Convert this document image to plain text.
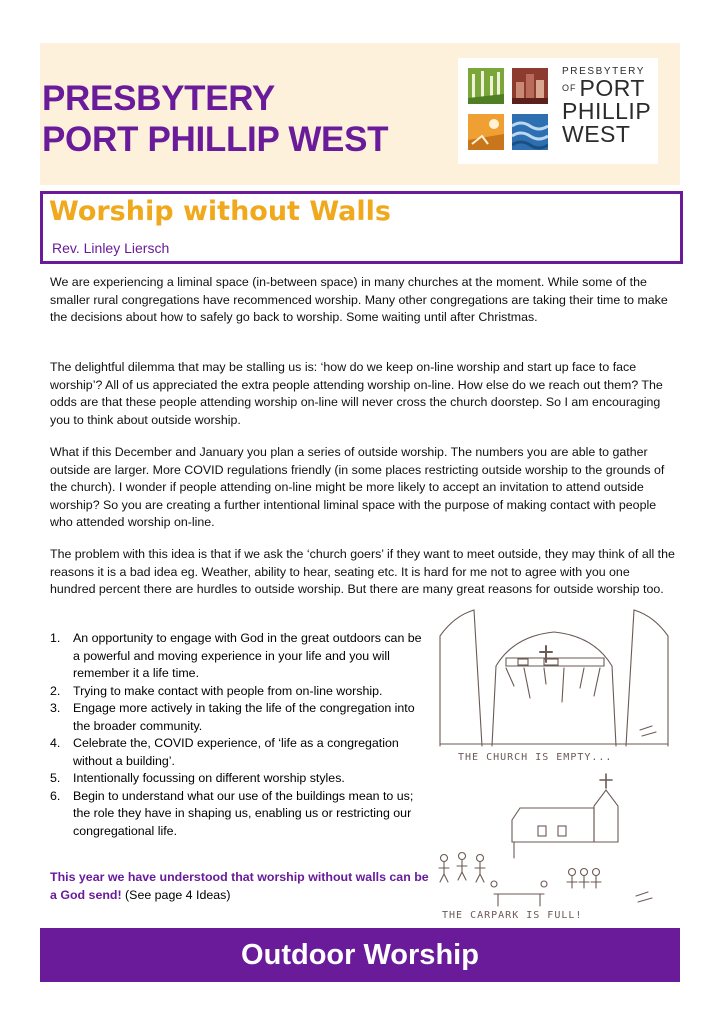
PRESBYTERY
PORT PHILLIP WEST
PRESBYTERY
$^{OF}$ PORT
PHILLIP
WEST
Worship without Walls
Rev. Linley Liersch
We are experiencing a liminal space (in-between space) in many churches at the moment. While some of the smaller rural congregations have recommenced worship. Many other congregations are taking their time to make the decisions about how to safely go back to worship. Some waiting until after Christmas.
The delightful dilemma that may be stalling us is: ‘how do we keep on-line worship and start up face to face worship’? All of us appreciated the extra people attending worship on-line. How else do we reach out them? The odds are that these people attending worship on-line will never cross the church doorstep. So I am encouraging you to think about outside worship.
What if this December and January you plan a series of outside worship. The numbers you are able to gather outside are larger. More COVID regulations friendly (in some places restricting outside worship to the grounds of the church). I wonder if people attending on-line might be more likely to accept an invitation to attend outside worship? So you are creating a further intentional liminal space with the purpose of making contact with people who attended worship on-line.
The problem with this idea is that if we ask the ‘church goers’ if they want to meet outside, they may think of all the reasons it is a bad idea eg. Weather, ability to hear, seating etc. It is hard for me not to agree with you one hundred percent there are hurdles to outside worship. But there are many great reasons for outside worship too.
1. An opportunity to engage with God in the great outdoors can be a powerful and moving experience in your life and you will remember it a life time.
2. Trying to make contact with people from on-line worship.
3. Engage more actively in taking the life of the congregation into the broader community.
4. Celebrate the, COVID experience, of ‘life as a congregation without a building’.
5. Intentionally focussing on different worship styles.
6. Begin to understand what our use of the buildings mean to us; the role they have in shaping us, enabling us or restricting our congregational life.
This year we have understood that worship without walls can be a God send! (See page 4 Ideas)
THE CHURCH IS EMPTY...
THE CARPARK IS FULL!
Outdoor Worship
